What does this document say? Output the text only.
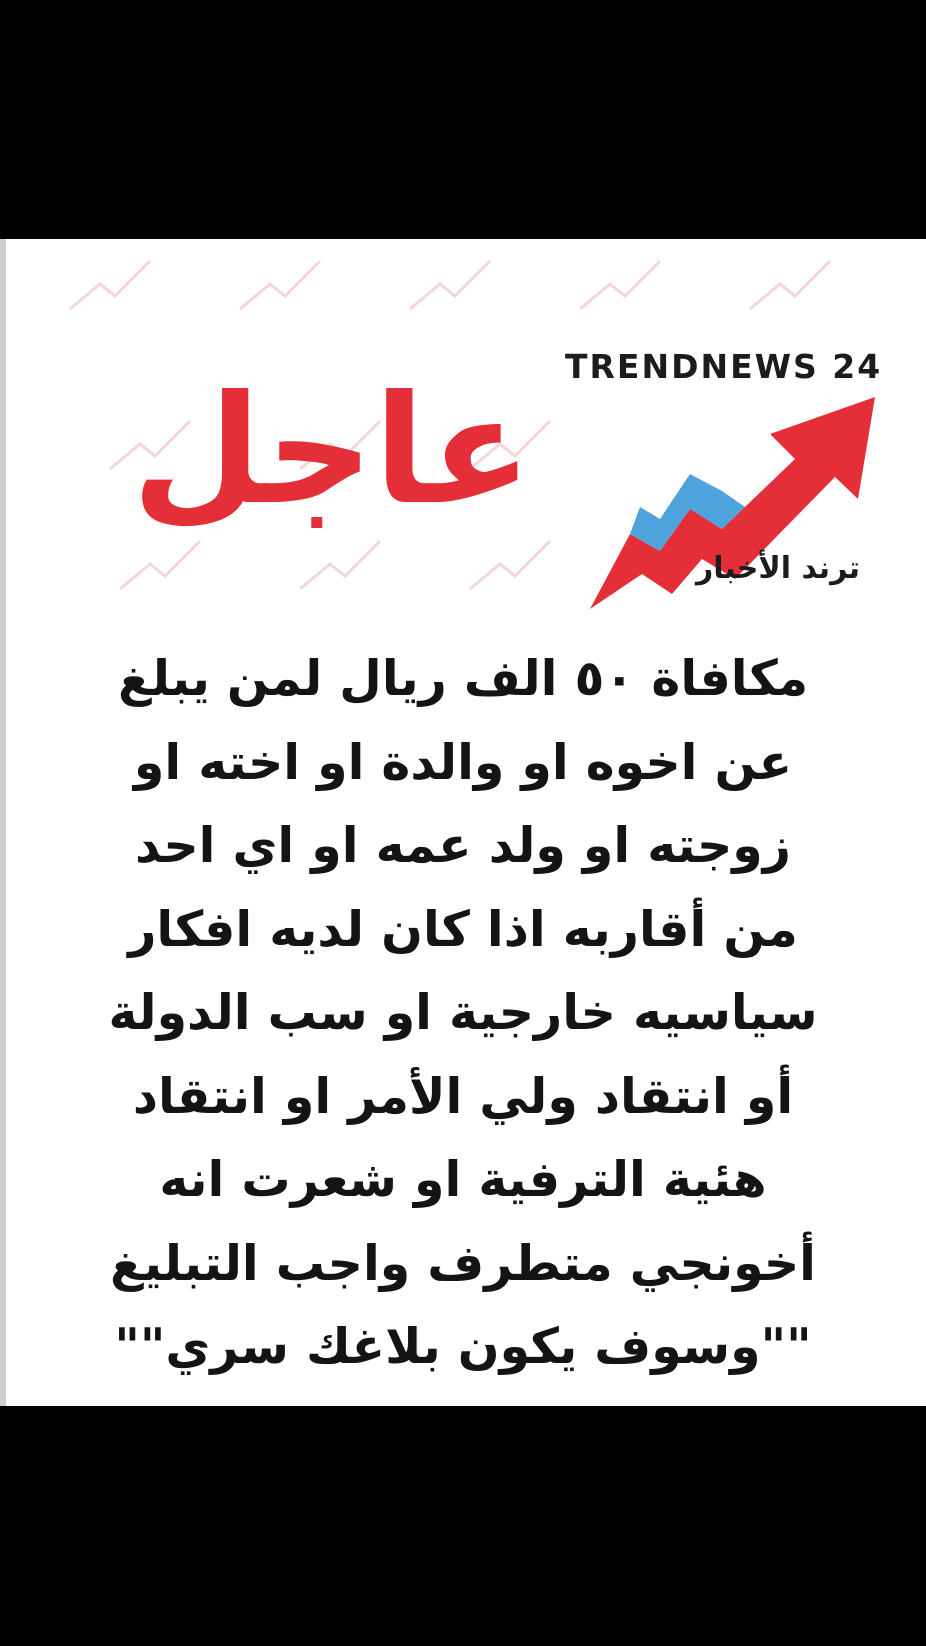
TRENDNEWS 24
ترند الأخبار
عاجل
مكافاة ٥٠ الف ريال لمن يبلغ
عن اخوه او والدة او اخته او
زوجته او ولد عمه او اي احد
من أقاربه اذا كان لديه افكار
سياسيه خارجية او سب الدولة
أو انتقاد ولي الأمر او انتقاد
هئية الترفية او شعرت انه
أخونجي متطرف واجب التبليغ
""وسوف يكون بلاغك سري""
